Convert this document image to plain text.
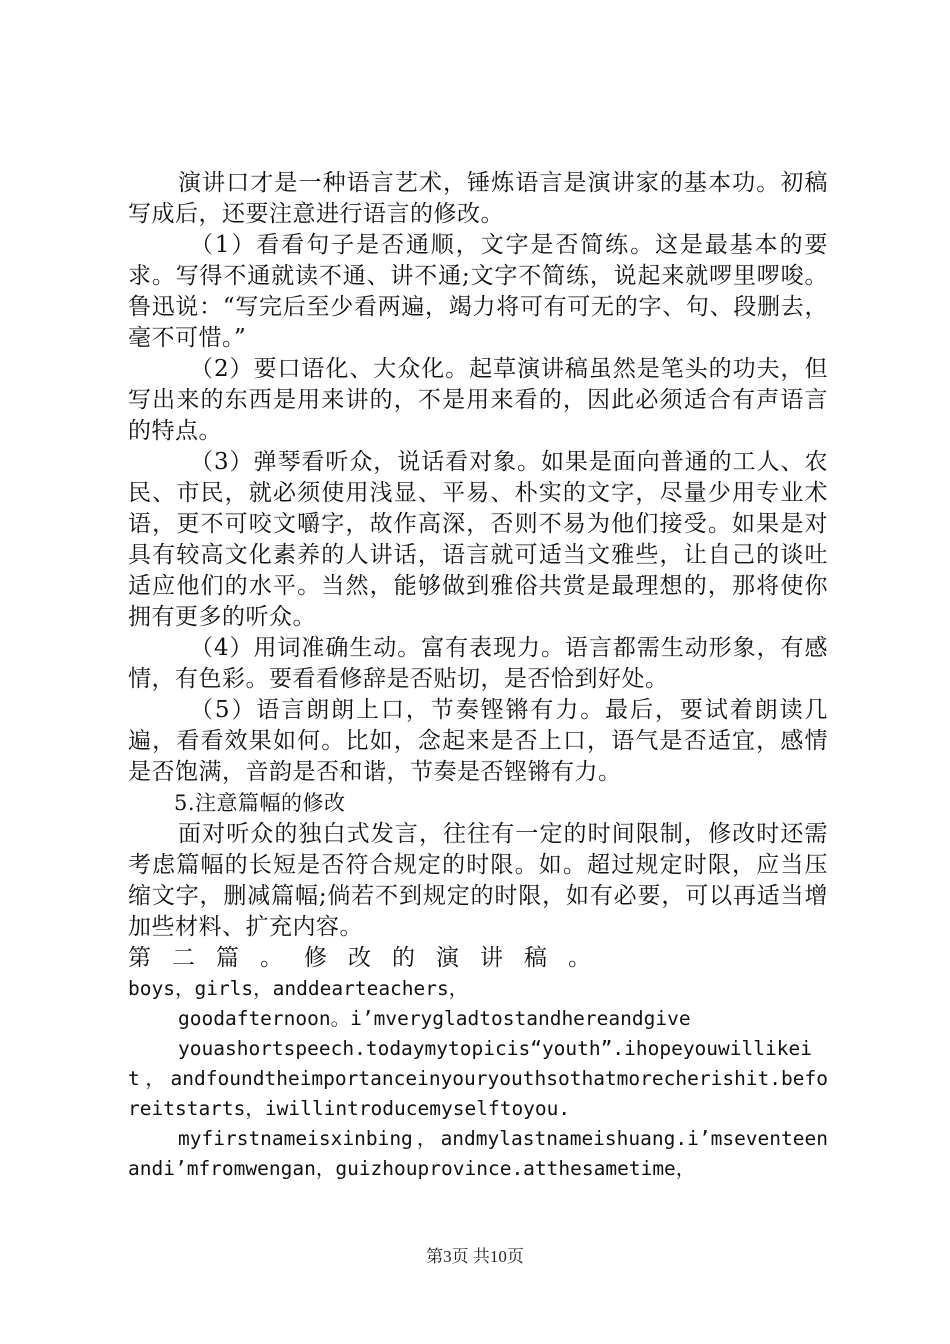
演讲口才是一种语言艺术，锤炼语言是演讲家的基本功。初稿写成后，还要注意进行语言的修改。

（1）看看句子是否通顺，文字是否简练。这是最基本的要求。写得不通就读不通、讲不通;文字不简练，说起来就啰里啰唆。鲁迅说：“写完后至少看两遍，竭力将可有可无的字、句、段删去，毫不可惜。”

（2）要口语化、大众化。起草演讲稿虽然是笔头的功夫，但写出来的东西是用来讲的，不是用来看的，因此必须适合有声语言的特点。

（3）弹琴看听众，说话看对象。如果是面向普通的工人、农民、市民，就必须使用浅显、平易、朴实的文字，尽量少用专业术语，更不可咬文嚼字，故作高深，否则不易为他们接受。如果是对具有较高文化素养的人讲话，语言就可适当文雅些，让自己的谈吐适应他们的水平。当然，能够做到雅俗共赏是最理想的，那将使你拥有更多的听众。

（4）用词准确生动。富有表现力。语言都需生动形象，有感情，有色彩。要看看修辞是否贴切，是否恰到好处。

（5）语言朗朗上口，节奏铿锵有力。最后，要试着朗读几遍，看看效果如何。比如，念起来是否上口，语气是否适宜，感情是否饱满，音韵是否和谐，节奏是否铿锵有力。

5.注意篇幅的修改

面对听众的独白式发言，往往有一定的时间限制，修改时还需考虑篇幅的长短是否符合规定的时限。如。超过规定时限，应当压缩文字，删减篇幅;倘若不到规定的时限，如有必要，可以再适当增加些材料、扩充内容。

第二篇。修改的演讲稿。

boys，girls，anddearteachers，

goodafternoon。i’mverygladtostandhereandgive

youashortspeech.todaymytopicis“youth”.ihopeyouwillikeit，andfoundtheimportanceinyouryouthsothatmorecherishit.beforeitstarts，iwillintroducemyselftoyou.

myfirstnameisxinbing，andmylastnameishuang.i’mseventeenandi’mfromwengan，guizhouprovince.atthesametime，

第3页 共10页
